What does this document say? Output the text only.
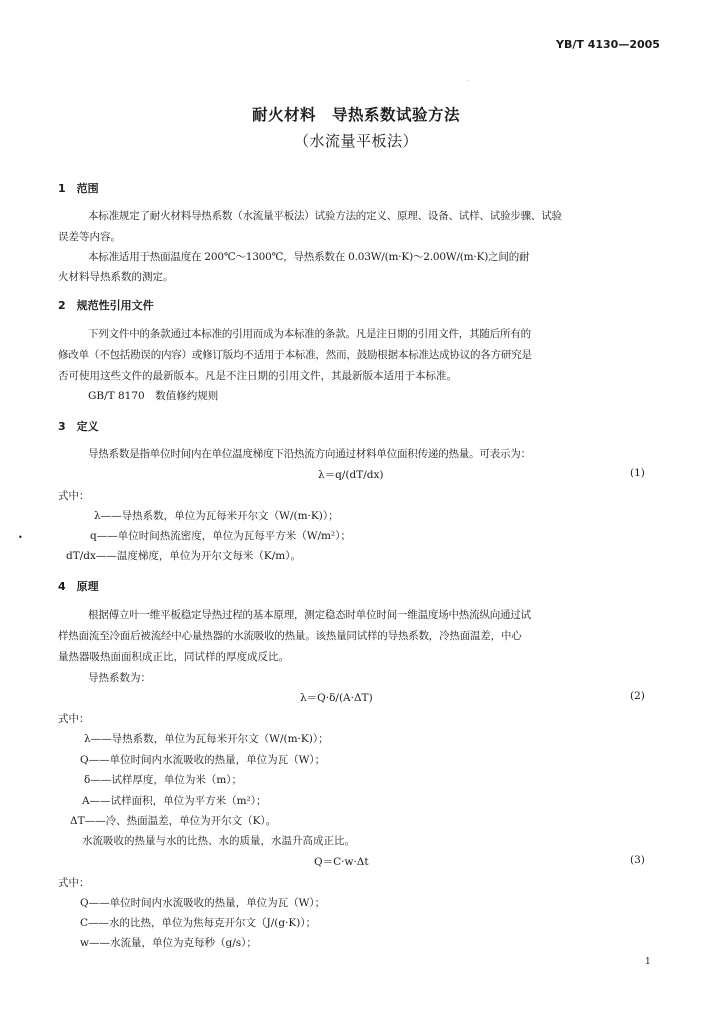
YB/T 4130—2005
.
耐火材料　导热系数试验方法
（水流量平板法）
1　范围
本标准规定了耐火材料导热系数（水流量平板法）试验方法的定义、原理、设备、试样、试验步骤、试验
误差等内容。
本标准适用于热面温度在 200℃～1300℃，导热系数在 0.03W/(m·K)～2.00W/(m·K)之间的耐
火材料导热系数的测定。
2　规范性引用文件
下列文件中的条款通过本标准的引用而成为本标准的条款。凡是注日期的引用文件，其随后所有的
修改单（不包括勘误的内容）或修订版均不适用于本标准，然而，鼓励根据本标准达成协议的各方研究是
否可使用这些文件的最新版本。凡是不注日期的引用文件，其最新版本适用于本标准。
GB/T 8170　数值修约规则
3　定义
导热系数是指单位时间内在单位温度梯度下沿热流方向通过材料单位面积传递的热量。可表示为：
λ＝q/(dT/dx)	(1)
式中：
λ——导热系数，单位为瓦每米开尔文（W/(m·K)）；
q——单位时间热流密度，单位为瓦每平方米（W/m²）；
•
dT/dx——温度梯度，单位为开尔文每米（K/m）。
4　原理
根据傅立叶一维平板稳定导热过程的基本原理，测定稳态时单位时间一维温度场中热流纵向通过试
样热面流至冷面后被流经中心量热器的水流吸收的热量。该热量同试样的导热系数，冷热面温差，中心
量热器吸热面面积成正比，同试样的厚度成反比。
导热系数为：
λ＝Q·δ/(A·ΔT)	(2)
式中：
λ——导热系数，单位为瓦每米开尔文（W/(m·K)）；
Q——单位时间内水流吸收的热量，单位为瓦（W）；
δ——试样厚度，单位为米（m）；
A——试样面积，单位为平方米（m²）；
ΔT——冷、热面温差，单位为开尔文（K）。
水流吸收的热量与水的比热、水的质量，水温升高成正比。
Q＝C·w·Δt	(3)
式中：
Q——单位时间内水流吸收的热量，单位为瓦（W）；
C——水的比热，单位为焦每克开尔文（J/(g·K)）；
w——水流量，单位为克每秒（g/s）；
1
